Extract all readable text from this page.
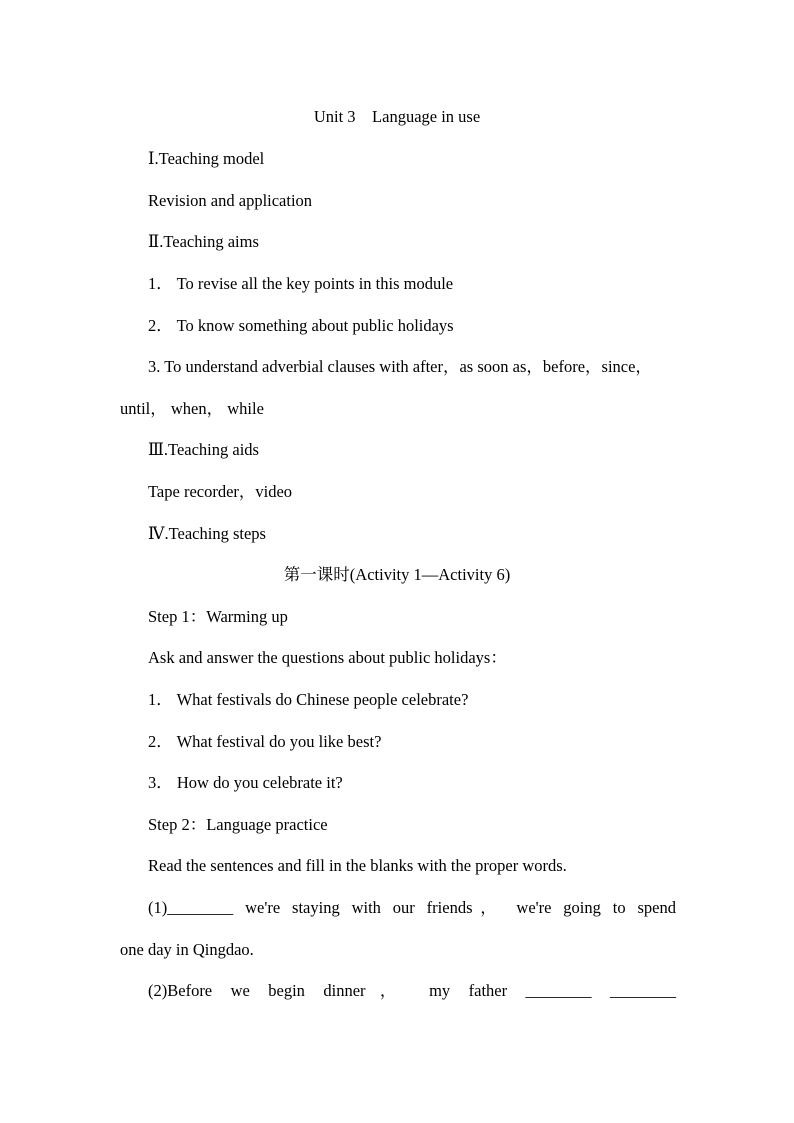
Unit 3    Language in use

Ⅰ.Teaching model

Revision and application

Ⅱ.Teaching aims

1． To revise all the key points in this module

2． To know something about public holidays

3. To understand adverbial clauses with after，as soon as，before，since，

until， when， while

Ⅲ.Teaching aids

Tape recorder，video

Ⅳ.Teaching steps

第一课时(Activity 1—Activity 6)

Step 1：Warming up

Ask and answer the questions about public holidays：

1． What festivals do Chinese people celebrate?

2． What festival do you like best?

3． How do you celebrate it?

Step 2：Language practice

Read the sentences and fill in the blanks with the proper words.

(1)________ we're staying with our friends， we're going to spend

one day in Qingdao.

(2)Before we begin dinner， my father ________ ________
